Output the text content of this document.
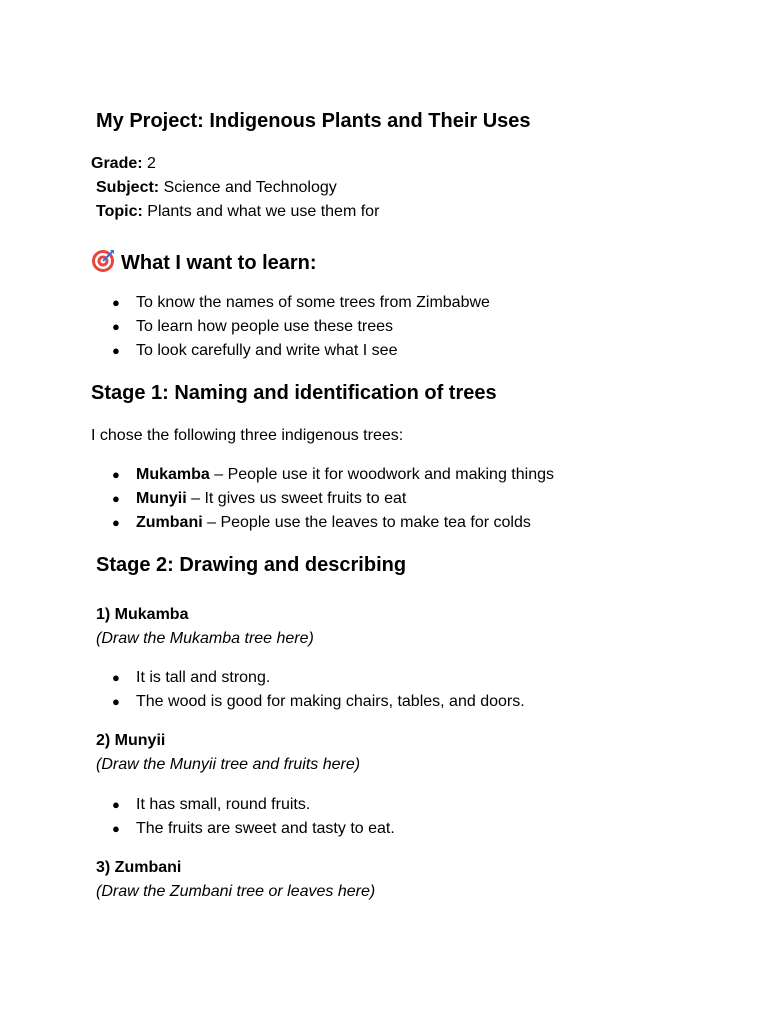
My Project: Indigenous Plants and Their Uses
Grade: 2
Subject: Science and Technology
Topic: Plants and what we use them for
What I want to learn:
● To know the names of some trees from Zimbabwe
● To learn how people use these trees
● To look carefully and write what I see
Stage 1: Naming and identification of trees
I chose the following three indigenous trees:
● Mukamba – People use it for woodwork and making things
● Munyii – It gives us sweet fruits to eat
● Zumbani – People use the leaves to make tea for colds
Stage 2: Drawing and describing
1) Mukamba
(Draw the Mukamba tree here)
● It is tall and strong.
● The wood is good for making chairs, tables, and doors.
2) Munyii
(Draw the Munyii tree and fruits here)
● It has small, round fruits.
● The fruits are sweet and tasty to eat.
3) Zumbani
(Draw the Zumbani tree or leaves here)
